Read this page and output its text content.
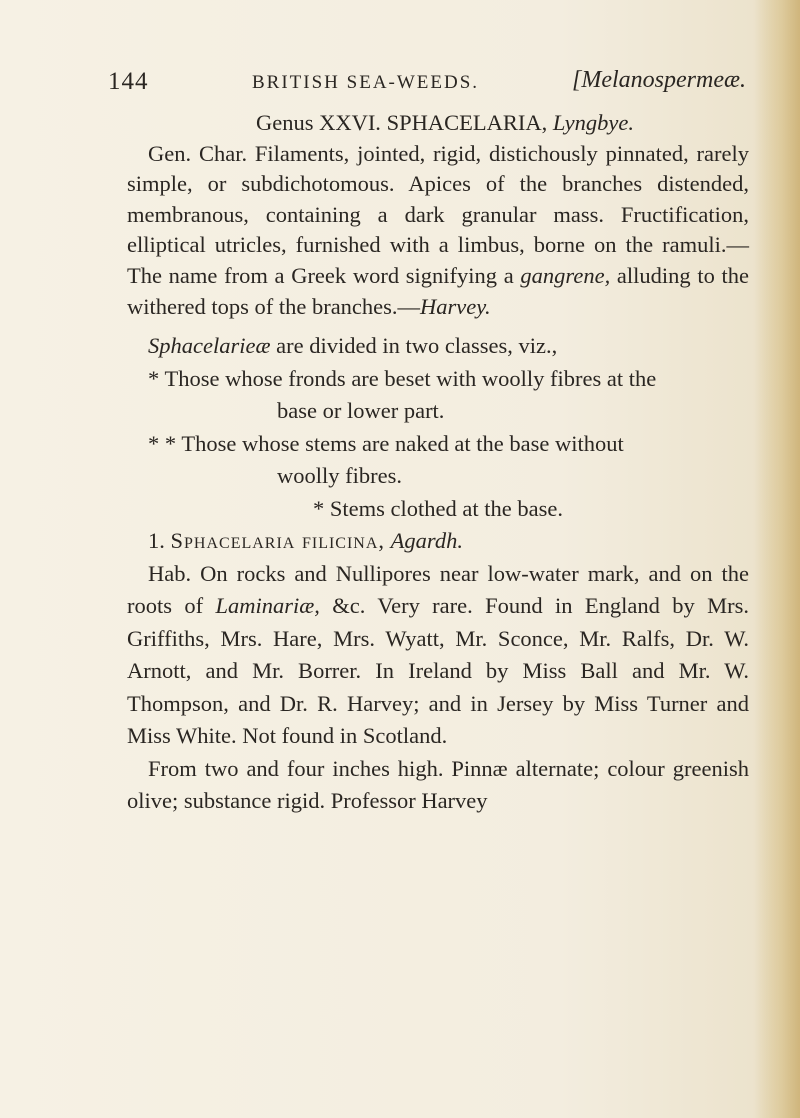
144	BRITISH SEA-WEEDS.	[Melanospermeæ.

Genus XXVI. SPHACELARIA, Lyngbye.

Gen. Char. Filaments, jointed, rigid, distichously pinnated, rarely simple, or subdichotomous. Apices of the branches distended, membranous, containing a dark granular mass. Fructification, elliptical utricles, furnished with a limbus, borne on the ramuli.—The name from a Greek word signifying a gangrene, alluding to the withered tops of the branches.—Harvey.

Sphacelarieæ are divided in two classes, viz.,

* Those whose fronds are beset with woolly fibres at the

base or lower part.

* * Those whose stems are naked at the base without

woolly fibres.

* Stems clothed at the base.

1. Sphacelaria filicina, Agardh.

Hab. On rocks and Nullipores near low-water mark, and on the roots of Laminariæ, &c. Very rare. Found in England by Mrs. Griffiths, Mrs. Hare, Mrs. Wyatt, Mr. Sconce, Mr. Ralfs, Dr. W. Arnott, and Mr. Borrer. In Ireland by Miss Ball and Mr. W. Thompson, and Dr. R. Harvey; and in Jersey by Miss Turner and Miss White. Not found in Scotland.

From two and four inches high. Pinnæ alternate; colour greenish olive; substance rigid. Professor Harvey
